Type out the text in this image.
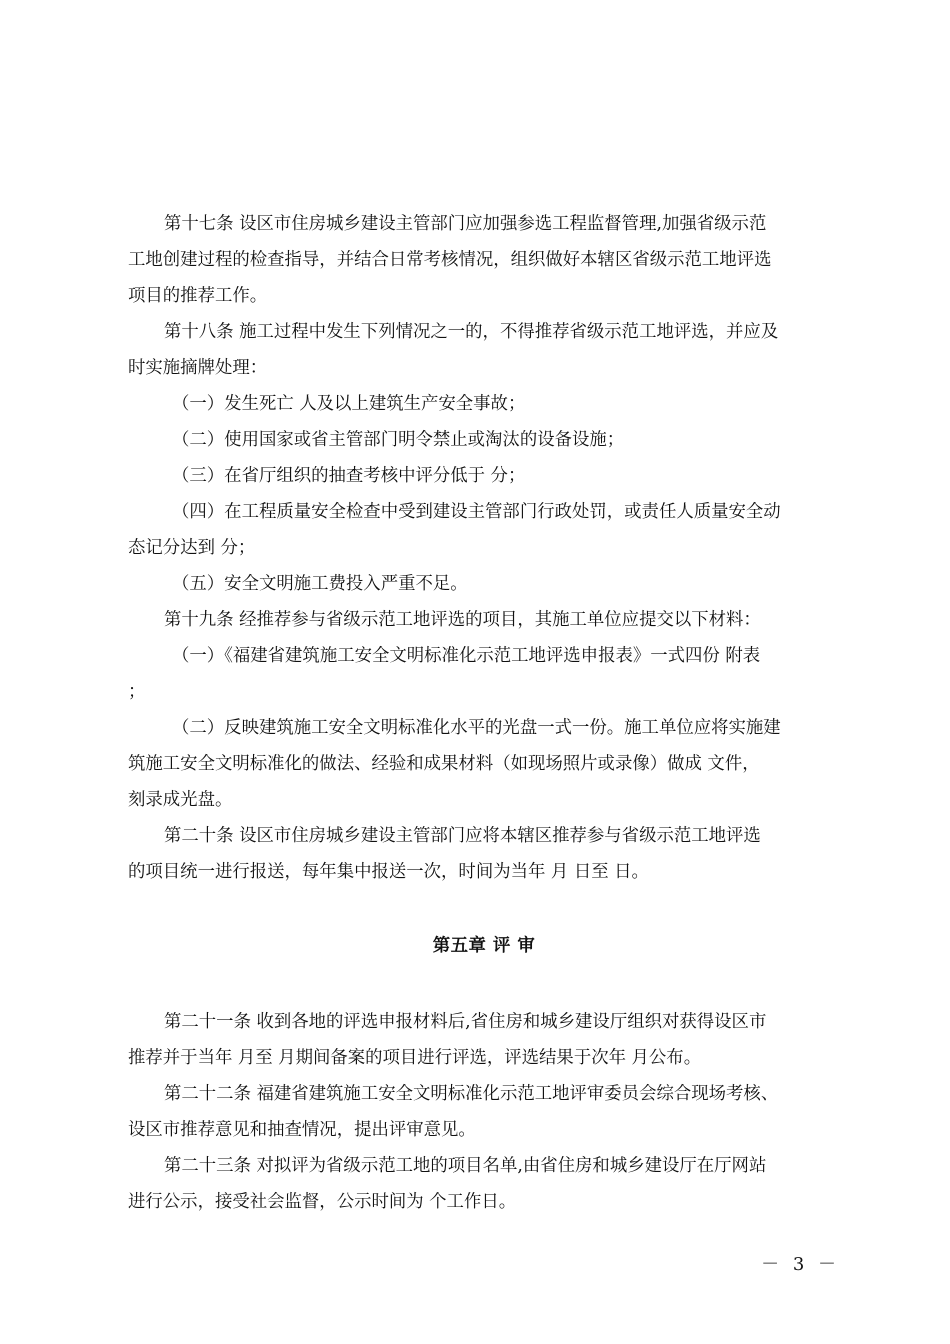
第十七条 设区市住房城乡建设主管部门应加强参选工程监督管理,加强省级示范
工地创建过程的检查指导，并结合日常考核情况，组织做好本辖区省级示范工地评选
项目的推荐工作。

第十八条 施工过程中发生下列情况之一的，不得推荐省级示范工地评选，并应及
时实施摘牌处理：

（一）发生死亡 人及以上建筑生产安全事故；
（二）使用国家或省主管部门明令禁止或淘汰的设备设施；
（三）在省厅组织的抽查考核中评分低于 分；

（四）在工程质量安全检查中受到建设主管部门行政处罚，或责任人质量安全动
态记分达到 分；

（五）安全文明施工费投入严重不足。

第十九条 经推荐参与省级示范工地评选的项目，其施工单位应提交以下材料：

（一）《福建省建筑施工安全文明标准化示范工地评选申报表》一式四份 附表
；

（二）反映建筑施工安全文明标准化水平的光盘一式一份。施工单位应将实施建
筑施工安全文明标准化的做法、经验和成果材料（如现场照片或录像）做成 文件，
刻录成光盘。

第二十条 设区市住房城乡建设主管部门应将本辖区推荐参与省级示范工地评选
的项目统一进行报送，每年集中报送一次，时间为当年 月 日至 日。

第五章 评 审

第二十一条 收到各地的评选申报材料后,省住房和城乡建设厅组织对获得设区市
推荐并于当年 月至 月期间备案的项目进行评选，评选结果于次年 月公布。

第二十二条 福建省建筑施工安全文明标准化示范工地评审委员会综合现场考核、
设区市推荐意见和抽查情况，提出评审意见。

第二十三条 对拟评为省级示范工地的项目名单,由省住房和城乡建设厅在厅网站
进行公示，接受社会监督，公示时间为 个工作日。

－ 3 －
